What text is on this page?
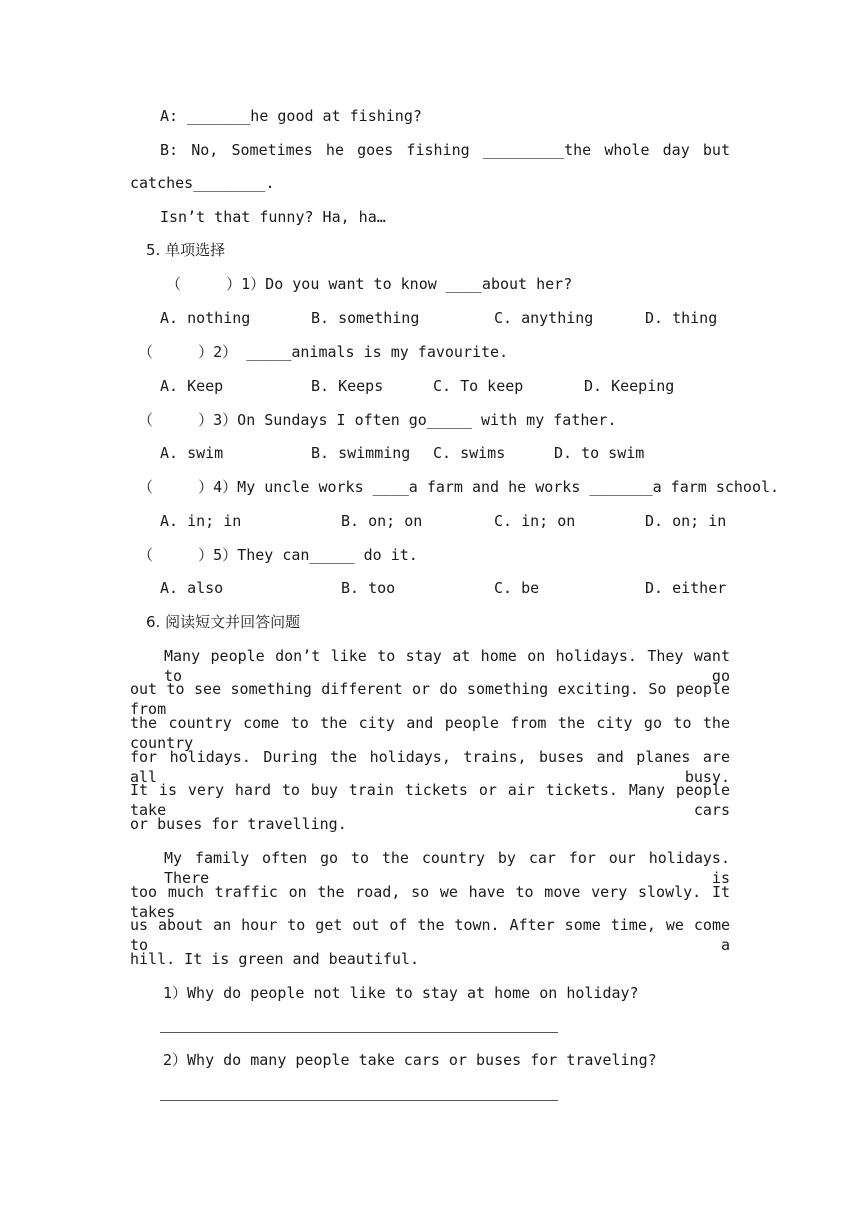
A: _______he good at fishing?
B: No, Sometimes he goes fishing _________the whole day but
catches________.
Isn’t that funny? Ha, ha…
5. 单项选择
（     ）1）Do you want to know ____about her?
A. nothing	B. something	C. anything	D. thing
（     ）2） _____animals is my favourite.
A. Keep	B. Keeps	C. To keep	D. Keeping
（     ）3）On Sundays I often go_____ with my father.
A. swim	B. swimming C. swims	D. to swim
（     ）4）My uncle works ____a farm and he works _______a farm school.
A. in; in	B. on; on	C. in; on	D. on; in
（     ）5）They can_____ do it.
A. also	B. too	C. be	D. either
6. 阅读短文并回答问题
Many people don’t like to stay at home on holidays. They want to go
out to see something different or do something exciting. So people from
the country come to the city and people from the city go to the country
for holidays. During the holidays, trains, buses and planes are all busy.
It is very hard to buy train tickets or air tickets. Many people take cars
or buses for travelling.
My family often go to the country by car for our holidays. There is
too much traffic on the road, so we have to move very slowly. It takes
us about an hour to get out of the town. After some time, we come to a
hill. It is green and beautiful.
1）Why do people not like to stay at home on holiday?
2）Why do many people take cars or buses for traveling?
